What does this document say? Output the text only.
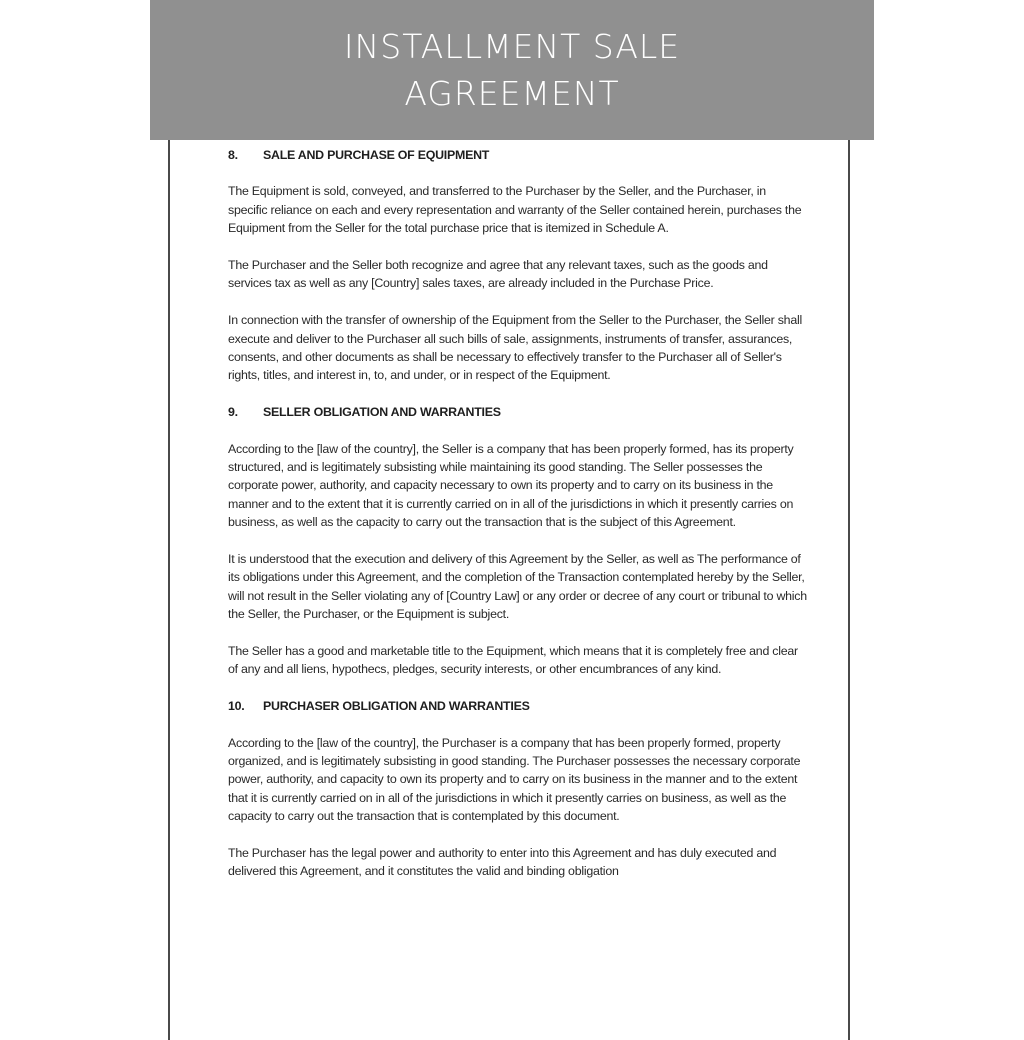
INSTALLMENT SALE
AGREEMENT
8.	SALE AND PURCHASE OF EQUIPMENT

The Equipment is sold, conveyed, and transferred to the Purchaser by the Seller, and the Purchaser, in specific reliance on each and every representation and warranty of the Seller contained herein, purchases the Equipment from the Seller for the total purchase price that is itemized in Schedule A.

The Purchaser and the Seller both recognize and agree that any relevant taxes, such as the goods and services tax as well as any [Country] sales taxes, are already included in the Purchase Price.

In connection with the transfer of ownership of the Equipment from the Seller to the Purchaser, the Seller shall execute and deliver to the Purchaser all such bills of sale, assignments, instruments of transfer, assurances, consents, and other documents as shall be necessary to effectively transfer to the Purchaser all of Seller's rights, titles, and interest in, to, and under, or in respect of the Equipment.

9.	SELLER OBLIGATION AND WARRANTIES

According to the [law of the country], the Seller is a company that has been properly formed, has its property structured, and is legitimately subsisting while maintaining its good standing. The Seller possesses the corporate power, authority, and capacity necessary to own its property and to carry on its business in the manner and to the extent that it is currently carried on in all of the jurisdictions in which it presently carries on business, as well as the capacity to carry out the transaction that is the subject of this Agreement.

It is understood that the execution and delivery of this Agreement by the Seller, as well as The performance of its obligations under this Agreement, and the completion of the Transaction contemplated hereby by the Seller, will not result in the Seller violating any of [Country Law] or any order or decree of any court or tribunal to which the Seller, the Purchaser, or the Equipment is subject.

The Seller has a good and marketable title to the Equipment, which means that it is completely free and clear of any and all liens, hypothecs, pledges, security interests, or other encumbrances of any kind.

10.	PURCHASER OBLIGATION AND WARRANTIES

According to the [law of the country], the Purchaser is a company that has been properly formed, property organized, and is legitimately subsisting in good standing. The Purchaser possesses the necessary corporate power, authority, and capacity to own its property and to carry on its business in the manner and to the extent that it is currently carried on in all of the jurisdictions in which it presently carries on business, as well as the capacity to carry out the transaction that is contemplated by this document.

The Purchaser has the legal power and authority to enter into this Agreement and has duly executed and delivered this Agreement, and it constitutes the valid and binding obligation
